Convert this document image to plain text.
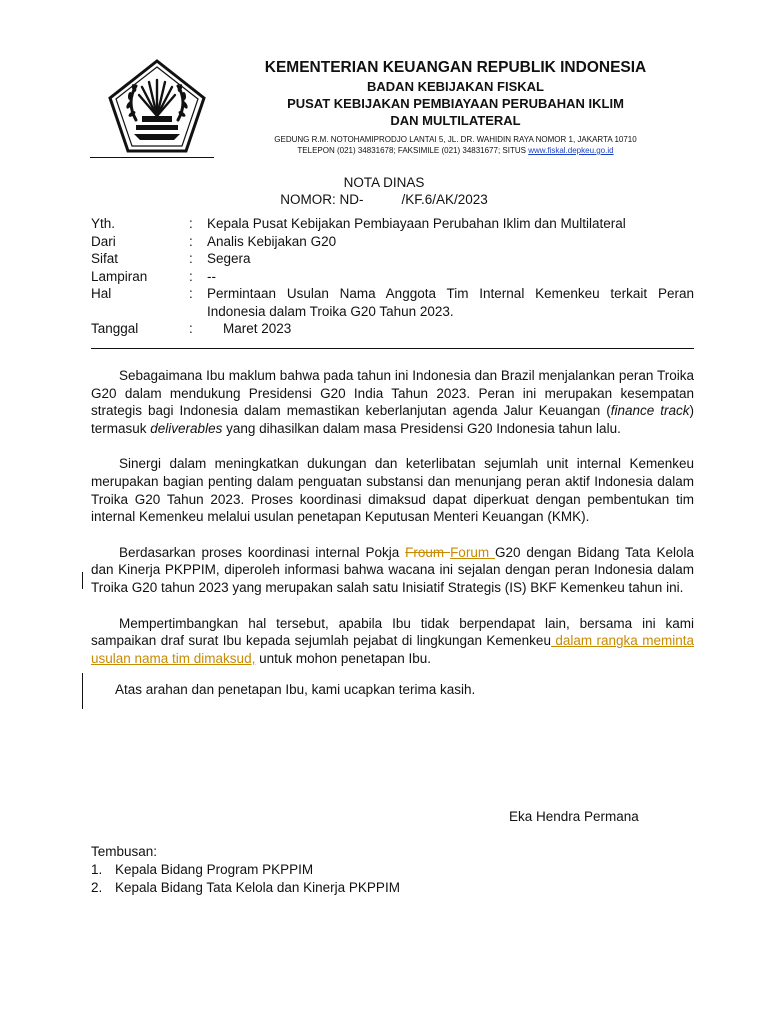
KEMENTERIAN KEUANGAN REPUBLIK INDONESIA
BADAN KEBIJAKAN FISKAL
PUSAT KEBIJAKAN PEMBIAYAAN PERUBAHAN IKLIM
DAN MULTILATERAL
GEDUNG R.M. NOTOHAMIPRODJO LANTAI 5, JL. DR. WAHIDIN RAYA NOMOR 1, JAKARTA 10710
TELEPON (021) 34831678; FAKSIMILE (021) 34831677; SITUS www.fiskal.depkeu.go.id
NOTA DINAS
NOMOR: ND-	/KF.6/AK/2023
Yth.	:	Kepala Pusat Kebijakan Pembiayaan Perubahan Iklim dan Multilateral
Dari	:	Analis Kebijakan G20
Sifat	:	Segera
Lampiran	:	--
Hal	:	Permintaan Usulan Nama Anggota Tim Internal Kemenkeu terkait Peran Indonesia dalam Troika G20 Tahun 2023.
Tanggal	:	Maret 2023

Sebagaimana Ibu maklum bahwa pada tahun ini Indonesia dan Brazil menjalankan peran Troika G20 dalam mendukung Presidensi G20 India Tahun 2023. Peran ini merupakan kesempatan strategis bagi Indonesia dalam memastikan keberlanjutan agenda Jalur Keuangan (finance track) termasuk deliverables yang dihasilkan dalam masa Presidensi G20 Indonesia tahun lalu.

Sinergi dalam meningkatkan dukungan dan keterlibatan sejumlah unit internal Kemenkeu merupakan bagian penting dalam penguatan substansi dan menunjang peran aktif Indonesia dalam Troika G20 Tahun 2023. Proses koordinasi dimaksud dapat diperkuat dengan pembentukan tim internal Kemenkeu melalui usulan penetapan Keputusan Menteri Keuangan (KMK).

Berdasarkan proses koordinasi internal Pokja Froum Forum G20 dengan Bidang Tata Kelola dan Kinerja PKPPIM, diperoleh informasi bahwa wacana ini sejalan dengan peran Indonesia dalam Troika G20 tahun 2023 yang merupakan salah satu Inisiatif Strategis (IS) BKF Kemenkeu tahun ini.

Mempertimbangkan hal tersebut, apabila Ibu tidak berpendapat lain, bersama ini kami sampaikan draf surat Ibu kepada sejumlah pejabat di lingkungan Kemenkeu dalam rangka meminta usulan nama tim dimaksud, untuk mohon penetapan Ibu.

Atas arahan dan penetapan Ibu, kami ucapkan terima kasih.

Eka Hendra Permana
Tembusan:
1. Kepala Bidang Program PKPPIM
2. Kepala Bidang Tata Kelola dan Kinerja PKPPIM
